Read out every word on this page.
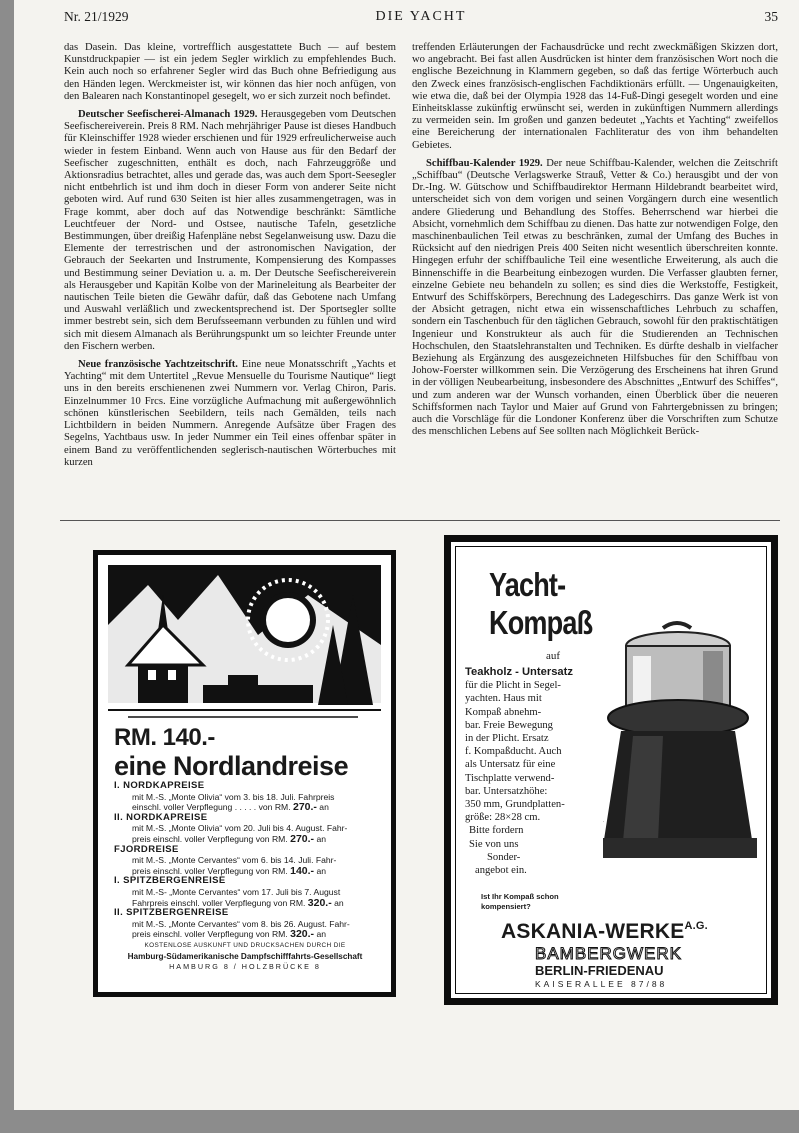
Nr. 21/1929	DIE YACHT	35

das Dasein. Das kleine, vortrefflich ausgestattete Buch — auf bestem Kunstdruckpapier — ist ein jedem Segler wirklich zu empfehlendes Buch. Kein auch noch so erfahrener Segler wird das Buch ohne Befriedigung aus den Händen legen. Werckmeister ist, wir können das hier noch anfügen, von den Balearen nach Konstantinopel gesegelt, wo er sich zurzeit noch befindet.

Deutscher Seefischerei-Almanach 1929. Herausgegeben vom Deutschen Seefischereiverein. Preis 8 RM. Nach mehrjähriger Pause ist dieses Handbuch für Kleinschiffer 1928 wieder erschienen und für 1929 erfreulicherweise auch wieder in festem Einband. Wenn auch von Hause aus für den Bedarf der Seefischer zugeschnitten, enthält es doch, nach Fahrzeuggröße und Aktionsradius betrachtet, alles und gerade das, was auch dem Sport-Seesegler nicht entbehrlich ist und ihm doch in dieser Form von anderer Seite nicht geboten wird. Auf rund 630 Seiten ist hier alles zusammengetragen, was in Frage kommt, aber doch auf das Notwendige beschränkt: Sämtliche Leuchtfeuer der Nord- und Ostsee, nautische Tafeln, gesetzliche Bestimmungen, über dreißig Hafenpläne nebst Segelanweisung usw. Dazu die Elemente der terrestrischen und der astronomischen Navigation, der Gebrauch der Seekarten und Instrumente, Kompensierung des Kompasses und Bestimmung seiner Deviation u. a. m. Der Deutsche Seefischereiverein als Herausgeber und Kapitän Kolbe von der Marineleitung als Bearbeiter der nautischen Teile bieten die Gewähr dafür, daß das Gebotene nach Umfang und Auswahl verläßlich und zweckentsprechend ist. Der Sportsegler sollte immer bestrebt sein, sich dem Berufsseemann verbunden zu fühlen und wird sich mit diesem Almanach als Berührungspunkt um so leichter Freunde unter den Fischern werben.

Neue französische Yachtzeitschrift. Eine neue Monatsschrift „Yachts et Yachting“ mit dem Untertitel „Revue Mensuelle du Tourisme Nautique“ liegt uns in den bereits erschienenen zwei Nummern vor. Verlag Chiron, Paris. Einzelnummer 10 Frcs. Eine vorzügliche Aufmachung mit außergewöhnlich schönen künstlerischen Seebildern, teils nach Gemälden, teils nach Lichtbildern in beiden Nummern. Anregende Aufsätze über Fragen des Segelns, Yachtbaus usw. In jeder Nummer ein Teil eines offenbar später in einem Band zu veröffentlichenden seglerisch-nautischen Wörterbuches mit kurzen

treffenden Erläuterungen der Fachausdrücke und recht zweckmäßigen Skizzen dort, wo angebracht. Bei fast allen Ausdrücken ist hinter dem französischen Wort noch die englische Bezeichnung in Klammern gegeben, so daß das fertige Wörterbuch auch den Zweck eines französisch-englischen Fachdiktionärs erfüllt. — Ungenauigkeiten, wie etwa die, daß bei der Olympia 1928 das 14-Fuß-Dingi gesegelt worden und eine Einheitsklasse zukünftig erwünscht sei, werden in zukünftigen Nummern allerdings zu vermeiden sein. Im großen und ganzen bedeutet „Yachts et Yachting“ zweifellos eine Bereicherung der internationalen Fachliteratur des von ihm behandelten Gebietes.

Schiffbau-Kalender 1929. Der neue Schiffbau-Kalender, welchen die Zeitschrift „Schiffbau“ (Deutsche Verlagswerke Strauß, Vetter & Co.) herausgibt und der von Dr.-Ing. W. Gütschow und Schiffbaudirektor Hermann Hildebrandt bearbeitet wird, unterscheidet sich von dem vorigen und seinen Vorgängern durch eine wesentlich andere Gliederung und Behandlung des Stoffes. Beherrschend war hierbei die Absicht, vornehmlich dem Schiffbau zu dienen. Das hatte zur notwendigen Folge, den maschinenbaulichen Teil etwas zu beschränken, zumal der Umfang des Buches in Rücksicht auf den niedrigen Preis 400 Seiten nicht wesentlich überschreiten konnte. Hingegen erfuhr der schiffbauliche Teil eine wesentliche Erweiterung, als auch die Binnenschiffe in die Bearbeitung einbezogen wurden. Die Verfasser glaubten ferner, einzelne Gebiete neu behandeln zu sollen; es sind dies die Werkstoffe, Festigkeit, Entwurf des Schiffskörpers, Berechnung des Ladegeschirrs. Das ganze Werk ist von der Absicht getragen, nicht etwa ein wissenschaftliches Lehrbuch zu schaffen, sondern ein Taschenbuch für den täglichen Gebrauch, sowohl für den praktischtätigen Ingenieur und Konstrukteur als auch für die Studierenden an Technischen Hochschulen, den Staatslehranstalten und Techniken. Es dürfte deshalb in vielfacher Beziehung als Ergänzung des ausgezeichneten Hilfsbuches für den Schiffbau von Johow-Foerster willkommen sein. Die Verzögerung des Erscheinens hat ihren Grund in der völligen Neubearbeitung, insbesondere des Abschnittes „Entwurf des Schiffes“, und zum anderen war der Wunsch vorhanden, einen Überblick über die neueren Schiffsformen nach Taylor und Maier auf Grund von Fahrtergebnissen zu bringen; auch die Vorschläge für die Londoner Konferenz über die Vorschriften zum Schutze des menschlichen Lebens auf See sollten nach Möglichkeit Berück-

RM. 140.-
eine Nordlandreise
I. NORDKAPREISE
mit M.-S. „Monte Olivia“ vom 3. bis 18. Juli. Fahrpreis
einschl. voller Verpflegung . . . . . von RM. 270.- an
II. NORDKAPREISE
mit M.-S. „Monte Olivia“ vom 20. Juli bis 4. August. Fahr-
preis einschl. voller Verpflegung von RM. 270.- an
FJORDREISE
mit M.-S. „Monte Cervantes“ vom 6. bis 14. Juli. Fahr-
preis einschl. voller Verpflegung von RM. 140.- an
I. SPITZBERGENREISE
mit M.-S- „Monte Cervantes“ vom 17. Juli bis 7. August
Fahrpreis einschl. voller Verpflegung von RM. 320.- an
II. SPITZBERGENREISE
mit M.-S. „Monte Cervantes“ vom 8. bis 26. August. Fahr-
preis einschl. voller Verpflegung von RM. 320.- an
KOSTENLOSE AUSKUNFT UND DRUCKSACHEN DURCH DIE
Hamburg-Südamerikanische Dampfschifffahrts-Gesellschaft
HAMBURG 8 / HOLZBRÜCKE 8
Yacht-
Kompaß
auf
Teakholz - Untersatz
für die Plicht in Segel-
yachten. Haus mit
Kompaß abnehm-
bar. Freie Bewegung
in der Plicht. Ersatz
f. Kompaßducht. Auch
als Untersatz für eine
Tischplatte verwend-
bar. Untersatzhöhe:
350 mm, Grundplatten-
größe: 28×28 cm.
Bitte fordern
Sie von uns
Sonder-
angebot ein.
Ist Ihr Kompaß schon
kompensiert?
ASKANIA-$WERKE^{A.G.}$
BAMBERGWERK
BERLIN-FRIEDENAU
KAISERALLEE 87/88
